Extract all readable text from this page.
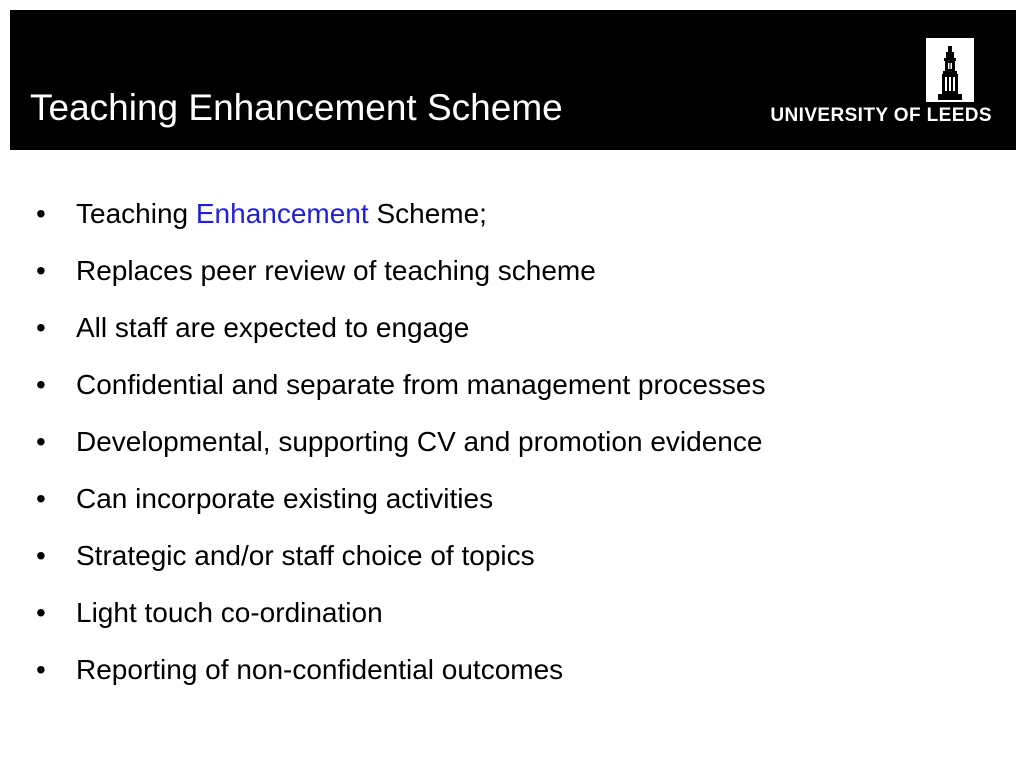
Teaching Enhancement Scheme	UNIVERSITY OF LEEDS
•	Teaching Enhancement Scheme;
•	Replaces peer review of teaching scheme
•	All staff are expected to engage
•	Confidential and separate from management processes
•	Developmental, supporting CV and promotion evidence
•	Can incorporate existing activities
•	Strategic and/or staff choice of topics
•	Light touch co-ordination
•	Reporting of non-confidential outcomes
